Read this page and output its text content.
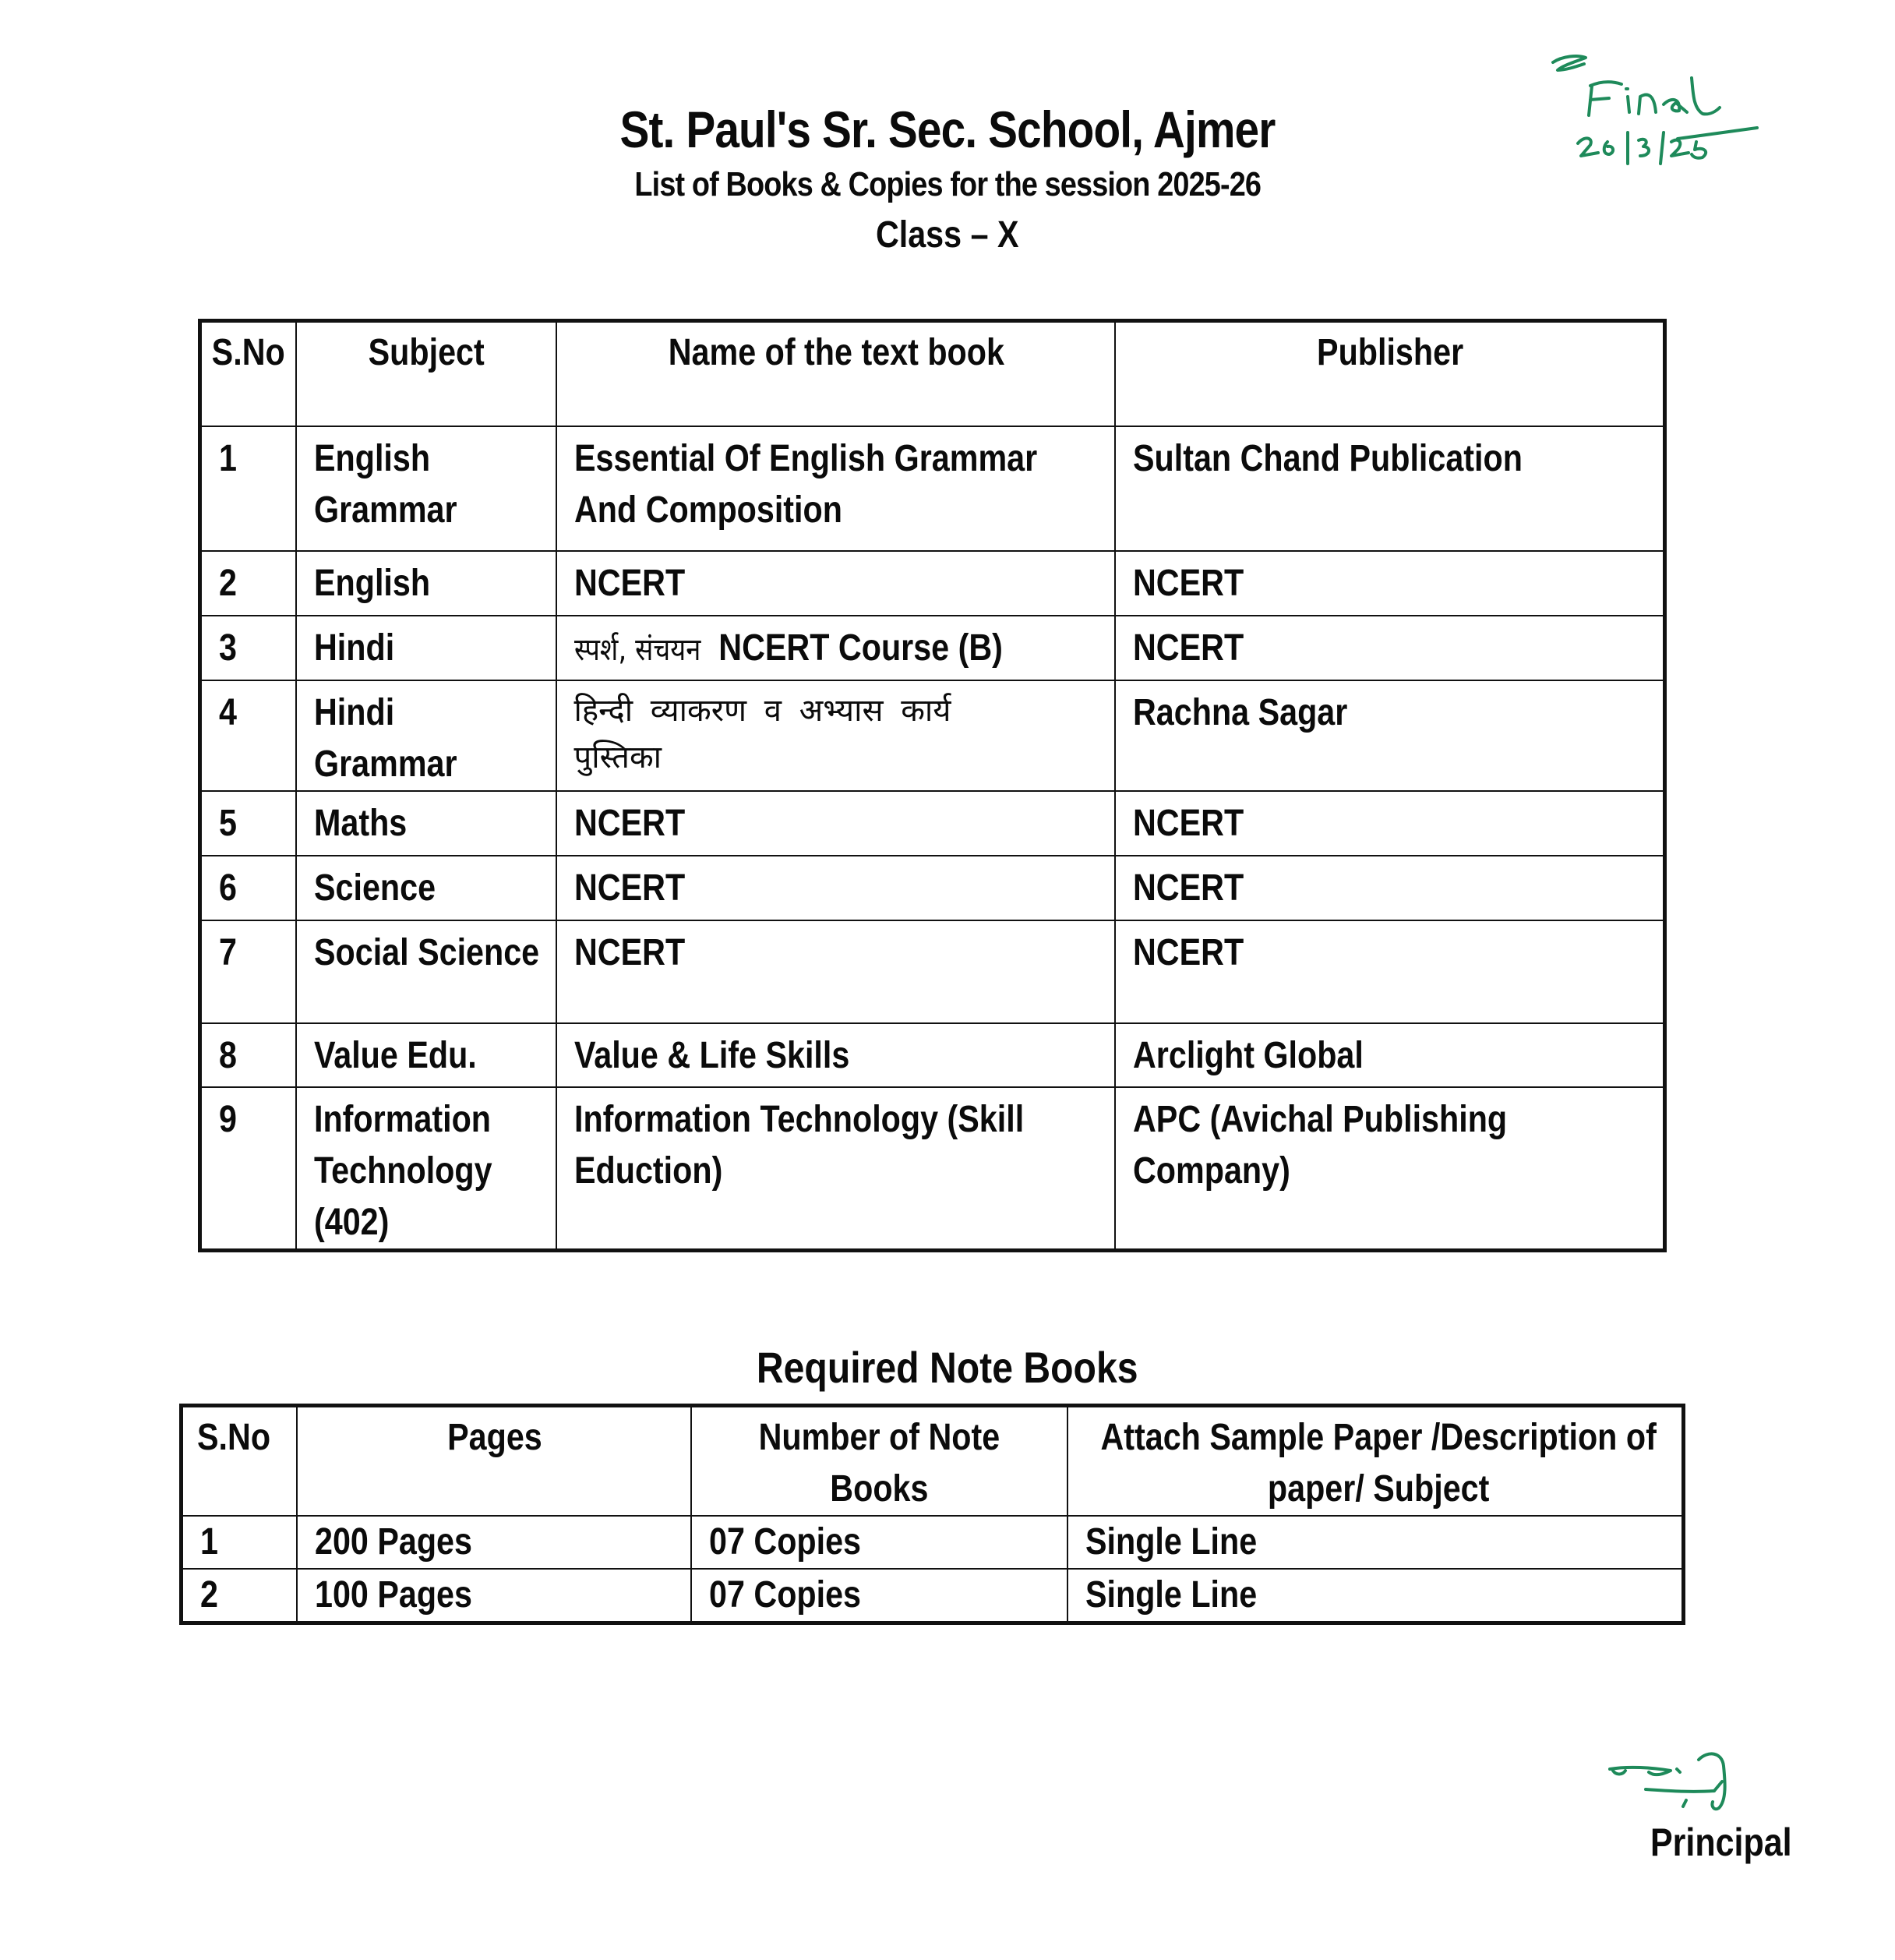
St. Paul's Sr. Sec. School, Ajmer
List of Books & Copies for the session 2025-26
Class – X
S.No	Subject	Name of the text book	Publisher

1	English Grammar	Essential Of English Grammar And Composition	Sultan Chand Publication

2	English	NCERT	NCERT
3	Hindi	स्पर्श, संचयन NCERT Course (B)	NCERT
4	Hindi Grammar	हिन्दी व्याकरण व अभ्यास कार्य पुस्तिका	Rachna Sagar
5	Maths	NCERT	NCERT
6	Science	NCERT	NCERT
7	Social Science	NCERT	NCERT
8	Value Edu.	Value & Life Skills	Arclight Global
9	Information Technology (402)	Information Technology (Skill Eduction)	APC (Avichal Publishing Company)
Required Note Books
S.No	Pages	Number of Note Books	Attach Sample Paper /Description of paper/ Subject

1	200 Pages	07 Copies	Single Line
2	100 Pages	07 Copies	Single Line
Principal
